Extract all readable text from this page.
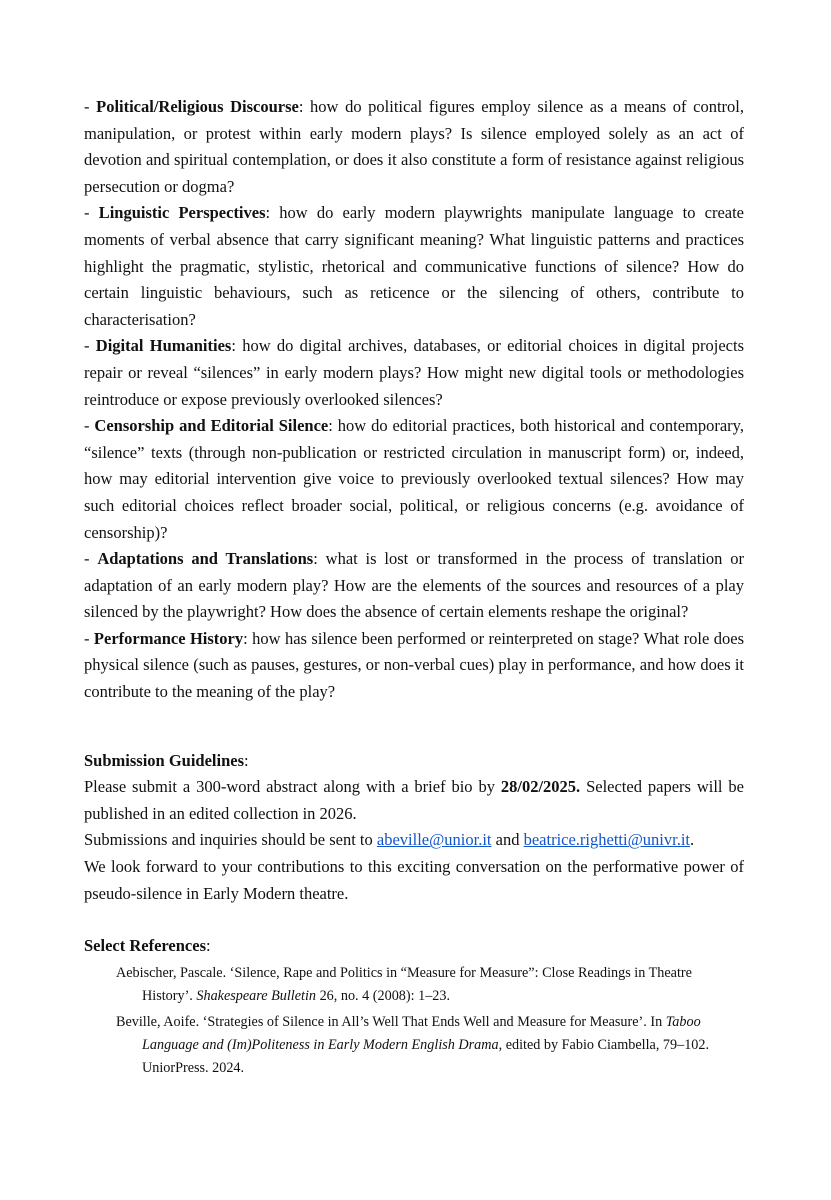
- Political/Religious Discourse: how do political figures employ silence as a means of control, manipulation, or protest within early modern plays? Is silence employed solely as an act of devotion and spiritual contemplation, or does it also constitute a form of resistance against religious persecution or dogma?

- Linguistic Perspectives: how do early modern playwrights manipulate language to create moments of verbal absence that carry significant meaning? What linguistic patterns and practices highlight the pragmatic, stylistic, rhetorical and communicative functions of silence? How do certain linguistic behaviours, such as reticence or the silencing of others, contribute to characterisation?

- Digital Humanities: how do digital archives, databases, or editorial choices in digital projects repair or reveal “silences” in early modern plays? How might new digital tools or methodologies reintroduce or expose previously overlooked silences?

- Censorship and Editorial Silence: how do editorial practices, both historical and contemporary, “silence” texts (through non-publication or restricted circulation in manuscript form) or, indeed, how may editorial intervention give voice to previously overlooked textual silences? How may such editorial choices reflect broader social, political, or religious concerns (e.g. avoidance of censorship)?

- Adaptations and Translations: what is lost or transformed in the process of translation or adaptation of an early modern play? How are the elements of the sources and resources of a play silenced by the playwright? How does the absence of certain elements reshape the original?

- Performance History: how has silence been performed or reinterpreted on stage? What role does physical silence (such as pauses, gestures, or non-verbal cues) play in performance, and how does it contribute to the meaning of the play?

Submission Guidelines:

Please submit a 300-word abstract along with a brief bio by 28/02/2025. Selected papers will be published in an edited collection in 2026.

Submissions and inquiries should be sent to abeville@unior.it and beatrice.righetti@univr.it.

We look forward to your contributions to this exciting conversation on the performative power of pseudo-silence in Early Modern theatre.

Select References:

Aebischer, Pascale. ‘Silence, Rape and Politics in “Measure for Measure”: Close Readings in Theatre History’. Shakespeare Bulletin 26, no. 4 (2008): 1–23.

Beville, Aoife. ‘Strategies of Silence in All’s Well That Ends Well and Measure for Measure’. In Taboo Language and (Im)Politeness in Early Modern English Drama, edited by Fabio Ciambella, 79–102. UniorPress. 2024.
